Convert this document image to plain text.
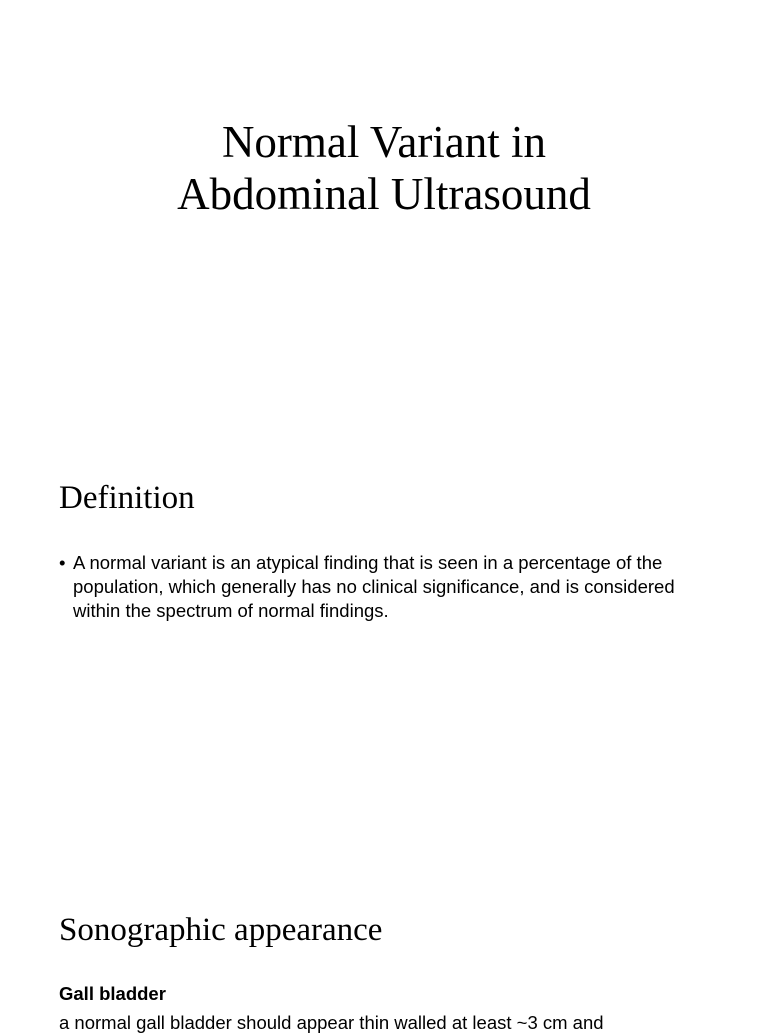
Normal Variant in
Abdominal Ultrasound
Definition
• A normal variant is an atypical finding that is seen in a percentage of the population, which generally has no clinical significance, and is considered within the spectrum of normal findings.
Sonographic appearance
Gall bladder
a normal gall bladder should appear thin walled at least ~3 cm and
